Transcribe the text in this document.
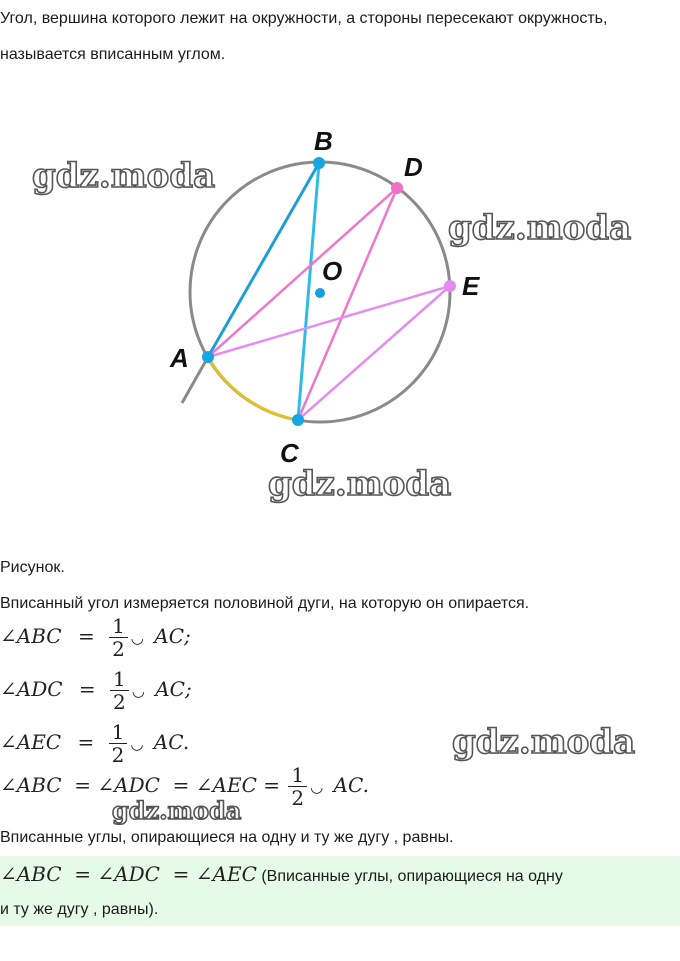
Угол, вершина которого лежит на окружности, а стороны пересекают окружность, называется вписанным углом.

B
D
O	E
A
C
gdz.moda
gdz.moda
gdz.moda
gdz.moda
gdz.moda

Рисунок.

Вписанный угол измеряется половиной дуги, на которую он опирается.

∠ABC = $\frac{1}{2}$ ◡ AC;
∠ADC = $\frac{1}{2}$ ◡ AC;
∠AEC = $\frac{1}{2}$ ◡ AC.
∠ABC  = ∠ADC  = ∠AEC = $\frac{1}{2}$ ◡ AC.

Вписанные углы, опирающиеся на одну и ту же дугу , равны.

∠ABC  = ∠ADC  = ∠AEC (Вписанные углы, опирающиеся на одну
и ту же дугу , равны).
